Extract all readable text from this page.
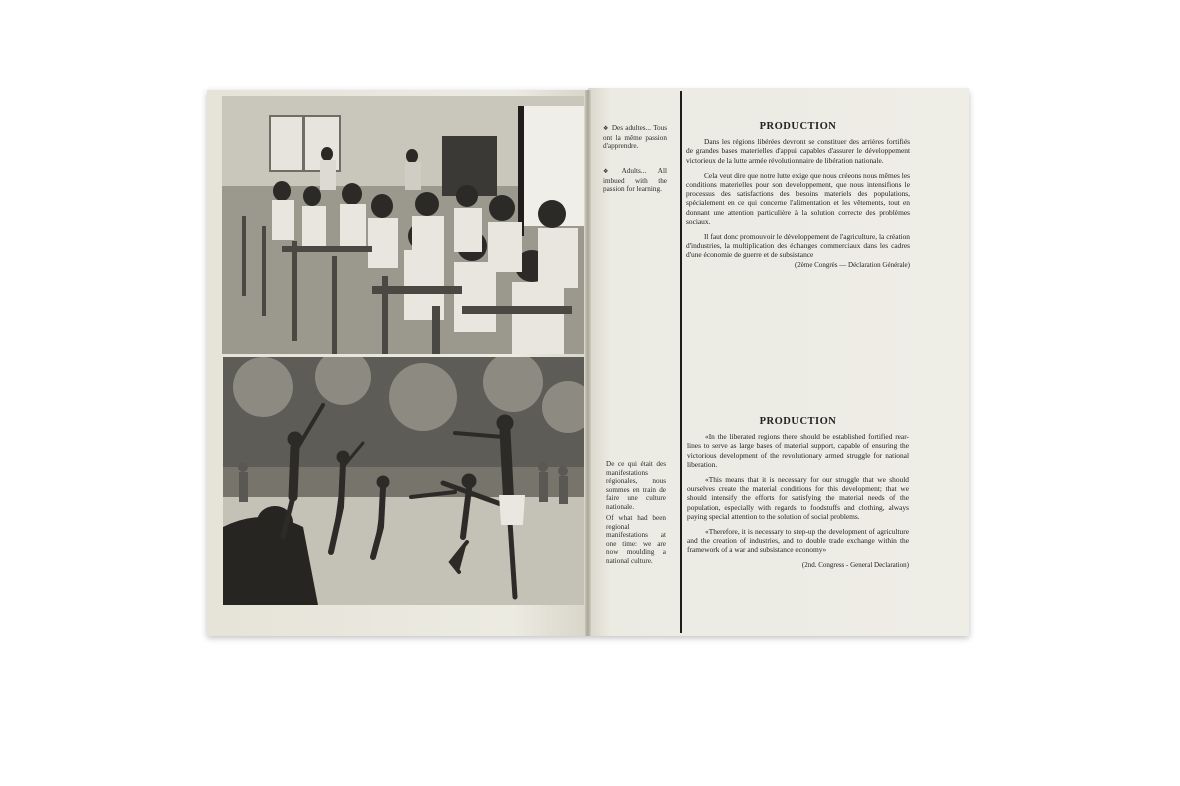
❖ Des adultes... Tous ont la même passion d'apprendre.
❖ Adults... All imbued with the passion for learning.
De ce qui était des manifestations régionales, nous sommes en train de faire une culture nationale.
Of what had been regional manifestations at one time: we are now moulding a national culture.

PRODUCTION

Dans les régions libérées devront se constituer des arrières fortifiés de grandes bases materielles d'appui capables d'assurer le développement victorieux de la lutte armée révolutionnaire de libération nationale.

Cela veut dire que notre lutte exige que nous créeons nous mêmes les conditions materielles pour son developpement, que nous intensifions le processus des satisfactions des besoins materiels des populations, spécialement en ce qui concerne l'alimentation et les vêtements, tout en donnant une attention particulière à la solution correcte des problèmes sociaux.

Il faut donc promouvoir le développement de l'agriculture, la création d'industries, la multiplication des échanges commerciaux dans les cadres d'une économie de guerre et de subsistance

(2ème Congrès — Déclaration Générale)

PRODUCTION

«In the liberated regions there should be established fortified rear-lines to serve as large bases of material support, capable of ensuring the victorious development of the revolutionary armed struggle for national liberation.

«This means that it is necessary for our struggle that we should ourselves create the material conditions for this development; that we should intensify the efforts for satisfying the material needs of the population, especially with regards to foodstuffs and clothing, always paying special attention to the solution of social problems.

«Therefore, it is necessary to step-up the development of agriculture and the creation of industries, and to double trade exchange within the framework of a war and subsistance economy»

(2nd. Congress - General Declaration)
